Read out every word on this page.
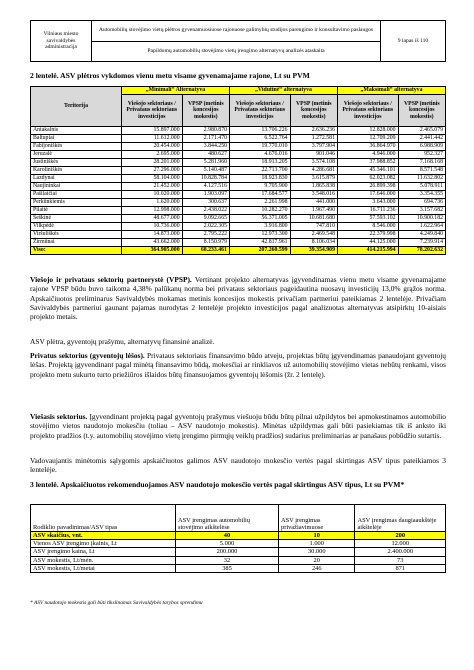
Vilniaus miesto savivaldybės administracija	Automobilių stovėjimo vietų plėtros gyvenamuosiuose rajonuose galimybių studijos parengimo ir konsultavimo paslaugos	9 lapas iš 110
Papildomų automobilių stovėjimo vietų įrengimo alternatyvų analizės ataskaita
2 lentelė. ASV plėtros vykdomos vienu metu visame gyvenamajame rajone, Lt su PVM
Teritorija	„Minimali“ Alternatyva		„Vidutinė“ alternatyva		„Maksimali“ alternatyva	
	Viešojo sektoriaus / Privataus sektoriaus investicijos	VPSP (metinis koncesijos mokestis)	Viešojo sektoriaus / Privataus sektoriaus investicijos	VPSP (metinis koncesijos mokestis)	Viešojo sektoriaus / Privataus sektoriaus investicijos	VPSP (metinis koncesijos mokestis)
Antakalnis	15.897.000	2.980.870	13.706.226	2.636.236	12.828.000	2.465.079
Baltupiai	11.612.000	2.171.470	6.522.764	1.272.581	12.709.209	2.441.442
Fabijoniškės	20.454.000	3.844.250	19.770.010	3.797.904	36.864.970	6.988.909
Jeruzalė	2.695.000	480.627	4.676.016	901.046	4.946.000	952.327
Justiniškės	28.201.000	5.281.960	18.913.205	3.574.108	37.988.852	7.168.168
Karoliniškės	27.296.000	5.140.487	22.713.700	4.286.681	45.346.101	8.571.548
Lazdynai	58.104.000	10.828.784	18.923.830	3.615.879	62.023.082	11.632.802
Naujininkai	21.452.000	4.127.516	9.705.900	1.865.838	26.899.398	5.078.911
Pašilaičiai	10.020.000	1.903.097	17.684.577	3.548.016	17.646.000	3.354.355
Perkūnkiemis	1.620.000	300.637	2.261.998	441.000	3.643.000	694.736
Pilaitė	12.998.000	2.438.022	10.282.270	1.967.490	16.711.236	3.157.682
Šeškinė	48.677.000	9.092.665	56.371.005	10.681.680	57.593.102	10.900.182
Vilkpėdė	10.736.000	2.022.305	3.916.800	747.810	8.546.000	1.622.964
Viršuliškės	14.873.000	2.795.222	12.973.300	2.469.548	22.379.998	4.249.840
Žirmūnai	43.662.000	8.150.979	42.817.961	8.106.034	44.125.000	7.239.914
Viso:	364.905.000	68.233.461	207.260.599	39.354.909	414.215.994	78.202.632
Viešojo ir privataus sektorių partnerystė (VPSP). Vertinant projekto alternatyvas įgyvendinamas vienu metu visame gyvenamajame rajone VPSP būdu buvo taikoma 4,38% palūkanų norma bei privataus sektoriaus pageidautina nuosavų investicijų 13,0% grąžos norma. Apskaičiuotos preliminarus Savivaldybės mokamas metinis koncesijos mokestis privačiam partneriui pateikiamas 2 lentelėje. Privačiam Savivaldybės partneriui gaunant pajamas nurodytas 2 lentelėje projekto investicijos pagal analizuotas alternatyvas atsipirktų 10-aisiais projekto metais.
ASV plėtra, gyventojų prašymu, alternatyvų finansinė analizė.
Privatus sektorius (gyventojų lėšos). Privataus sektoriaus finansavimo būdo atveju, projektas būtų įgyvendinamas panaudojant gyventojų lėšas. Projektą įgyvendinant pagal minėtą finansavimo būdą, mokesčiai ar rinkliavos už automobilių stovėjimo vietas nebūtų renkami, visos projekto metu sukurto turto priežiūros išlaidos būtų finansuojamos gyventojų lėšomis (žr. 2 lentelę).
Viešasis sektorius. Įgyvendinant projektą pagal gyventojų prašymus viešuoju būdu būtų pilnai užpildytos bei apmokestinamos automobilio stovėjimo vietos naudotojo mokesčiu (toliau – ASV naudotojo mokestis). Minėtas užpildymas gali būti pasiekiamas tik iš anksto iki projekto pradžios (t.y. automobilių stovėjimo vietų įrengimo pirmųjų veiklų pradžios) sudarius preliminarias ar panašaus pobūdžio sutartis.
Vadovaujantis minėtomis sąlygomis apskaičiuotos galimos ASV naudotojo mokesčio vertės pagal skirtingas ASV tipus pateikiamos 3 lentelėje.
3 lentelė. Apskaičiuotos rekomenduojamos ASV naudotojo mokesčio vertės pagal skirtingus ASV tipus, Lt su PVM*
Rodiklio pavadinimas/ASV tipas	ASV įrengimas automobilių stovėjimo aikštelėse	ASV įrengimas privažiavimuose	ASV įrengimas daugiaaukštėje aikštelėje
ASV skaičius, vnt.	40	10	200
Vienos ASV įrengimo įkainis, Lt	5.000	1.000	12.000
ASV įrengimo kaina, Lt	200.000	30.000	2.400.000
ASV mokestis, Lt/mėn.	32	20	73
ASV mokestis, Lt/metai	385	246	871
* ASV naudotojo mokestis gali būti tikslinamas Savivaldybės tarybos sprendimu
